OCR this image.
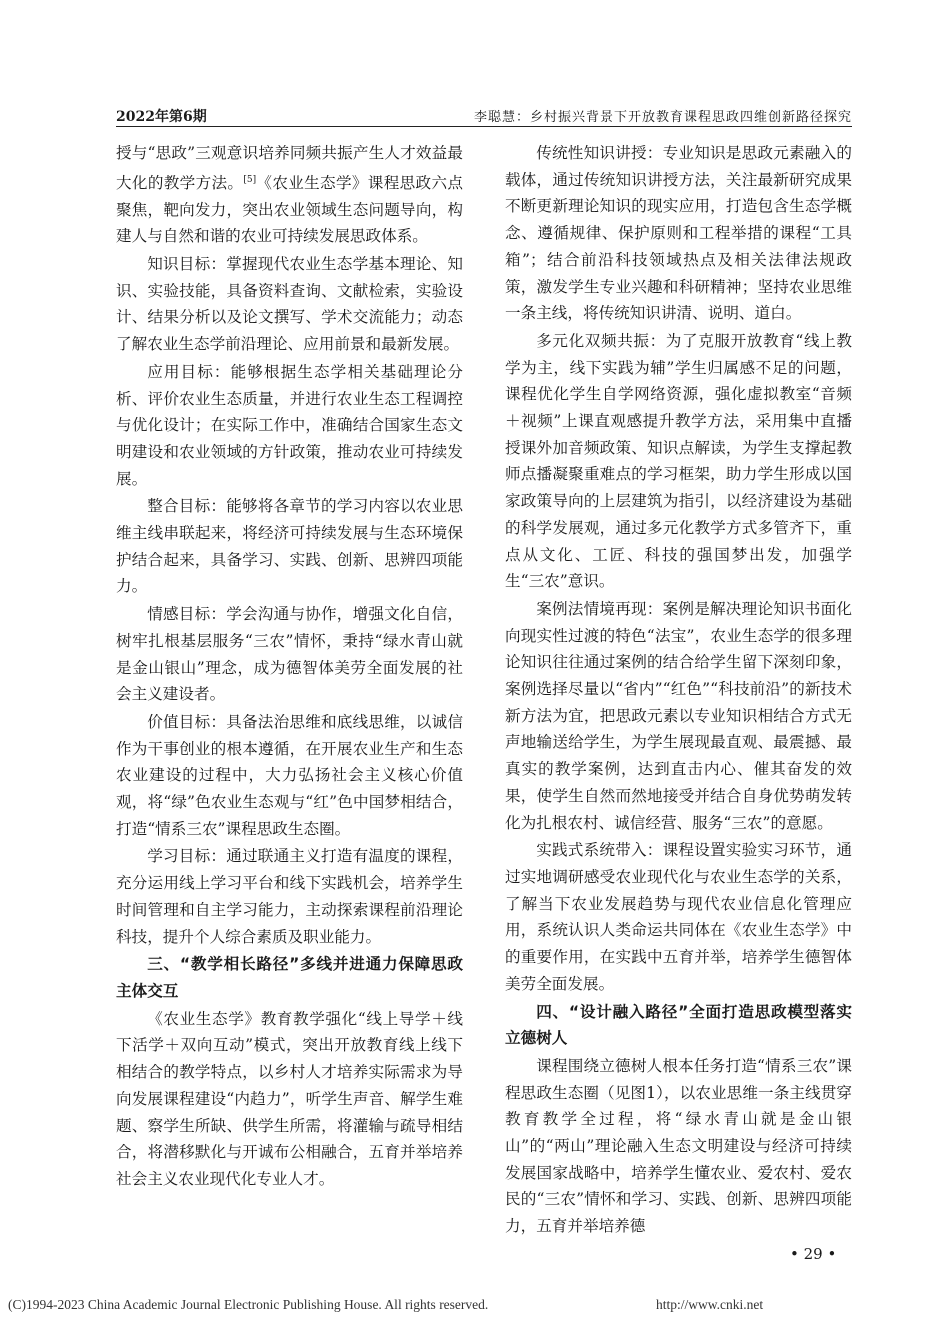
2022年第6期	李聪慧：乡村振兴背景下开放教育课程思政四维创新路径探究

授与“思政”三观意识培养同频共振产生人才效益最大化的教学方法。[5]《农业生态学》课程思政六点聚焦，靶向发力，突出农业领域生态问题导向，构建人与自然和谐的农业可持续发展思政体系。

知识目标：掌握现代农业生态学基本理论、知识、实验技能，具备资料查询、文献检索，实验设计、结果分析以及论文撰写、学术交流能力；动态了解农业生态学前沿理论、应用前景和最新发展。

应用目标：能够根据生态学相关基础理论分析、评价农业生态质量，并进行农业生态工程调控与优化设计；在实际工作中，准确结合国家生态文明建设和农业领域的方针政策，推动农业可持续发展。

整合目标：能够将各章节的学习内容以农业思维主线串联起来，将经济可持续发展与生态环境保护结合起来，具备学习、实践、创新、思辨四项能力。

情感目标：学会沟通与协作，增强文化自信，树牢扎根基层服务“三农”情怀，秉持“绿水青山就是金山银山”理念，成为德智体美劳全面发展的社会主义建设者。

价值目标：具备法治思维和底线思维，以诚信作为干事创业的根本遵循，在开展农业生产和生态农业建设的过程中，大力弘扬社会主义核心价值观，将“绿”色农业生态观与“红”色中国梦相结合，打造“情系三农”课程思政生态圈。

学习目标：通过联通主义打造有温度的课程，充分运用线上学习平台和线下实践机会，培养学生时间管理和自主学习能力，主动探索课程前沿理论科技，提升个人综合素质及职业能力。

三、“教学相长路径”多线并进通力保障思政主体交互

《农业生态学》教育教学强化“线上导学＋线下活学＋双向互动”模式，突出开放教育线上线下相结合的教学特点，以乡村人才培养实际需求为导向发展课程建设“内趋力”，听学生声音、解学生难题、察学生所缺、供学生所需，将灌输与疏导相结合，将潜移默化与开诚布公相融合，五育并举培养社会主义农业现代化专业人才。

传统性知识讲授：专业知识是思政元素融入的载体，通过传统知识讲授方法，关注最新研究成果不断更新理论知识的现实应用，打造包含生态学概念、遵循规律、保护原则和工程举措的课程“工具箱”；结合前沿科技领域热点及相关法律法规政策，激发学生专业兴趣和科研精神；坚持农业思维一条主线，将传统知识讲清、说明、道白。

多元化双频共振：为了克服开放教育“线上教学为主，线下实践为辅”学生归属感不足的问题，课程优化学生自学网络资源，强化虚拟教室“音频＋视频”上课直观感提升教学方法，采用集中直播授课外加音频政策、知识点解读，为学生支撑起教师点播凝聚重难点的学习框架，助力学生形成以国家政策导向的上层建筑为指引，以经济建设为基础的科学发展观，通过多元化教学方式多管齐下，重点从文化、工匠、科技的强国梦出发，加强学生“三农”意识。

案例法情境再现：案例是解决理论知识书面化向现实性过渡的特色“法宝”，农业生态学的很多理论知识往往通过案例的结合给学生留下深刻印象，案例选择尽量以“省内”“红色”“科技前沿”的新技术新方法为宜，把思政元素以专业知识相结合方式无声地输送给学生，为学生展现最直观、最震撼、最真实的教学案例，达到直击内心、催其奋发的效果，使学生自然而然地接受并结合自身优势萌发转化为扎根农村、诚信经营、服务“三农”的意愿。

实践式系统带入：课程设置实验实习环节，通过实地调研感受农业现代化与农业生态学的关系，了解当下农业发展趋势与现代农业信息化管理应用，系统认识人类命运共同体在《农业生态学》中的重要作用，在实践中五育并举，培养学生德智体美劳全面发展。

四、“设计融入路径”全面打造思政模型落实立德树人

课程围绕立德树人根本任务打造“情系三农”课程思政生态圈（见图1），以农业思维一条主线贯穿教育教学全过程，将“绿水青山就是金山银山”的“两山”理论融入生态文明建设与经济可持续发展国家战略中，培养学生懂农业、爱农村、爱农民的“三农”情怀和学习、实践、创新、思辨四项能力，五育并举培养德

• 29 •
(C)1994-2023 China Academic Journal Electronic Publishing House. All rights reserved.	http://www.cnki.net
